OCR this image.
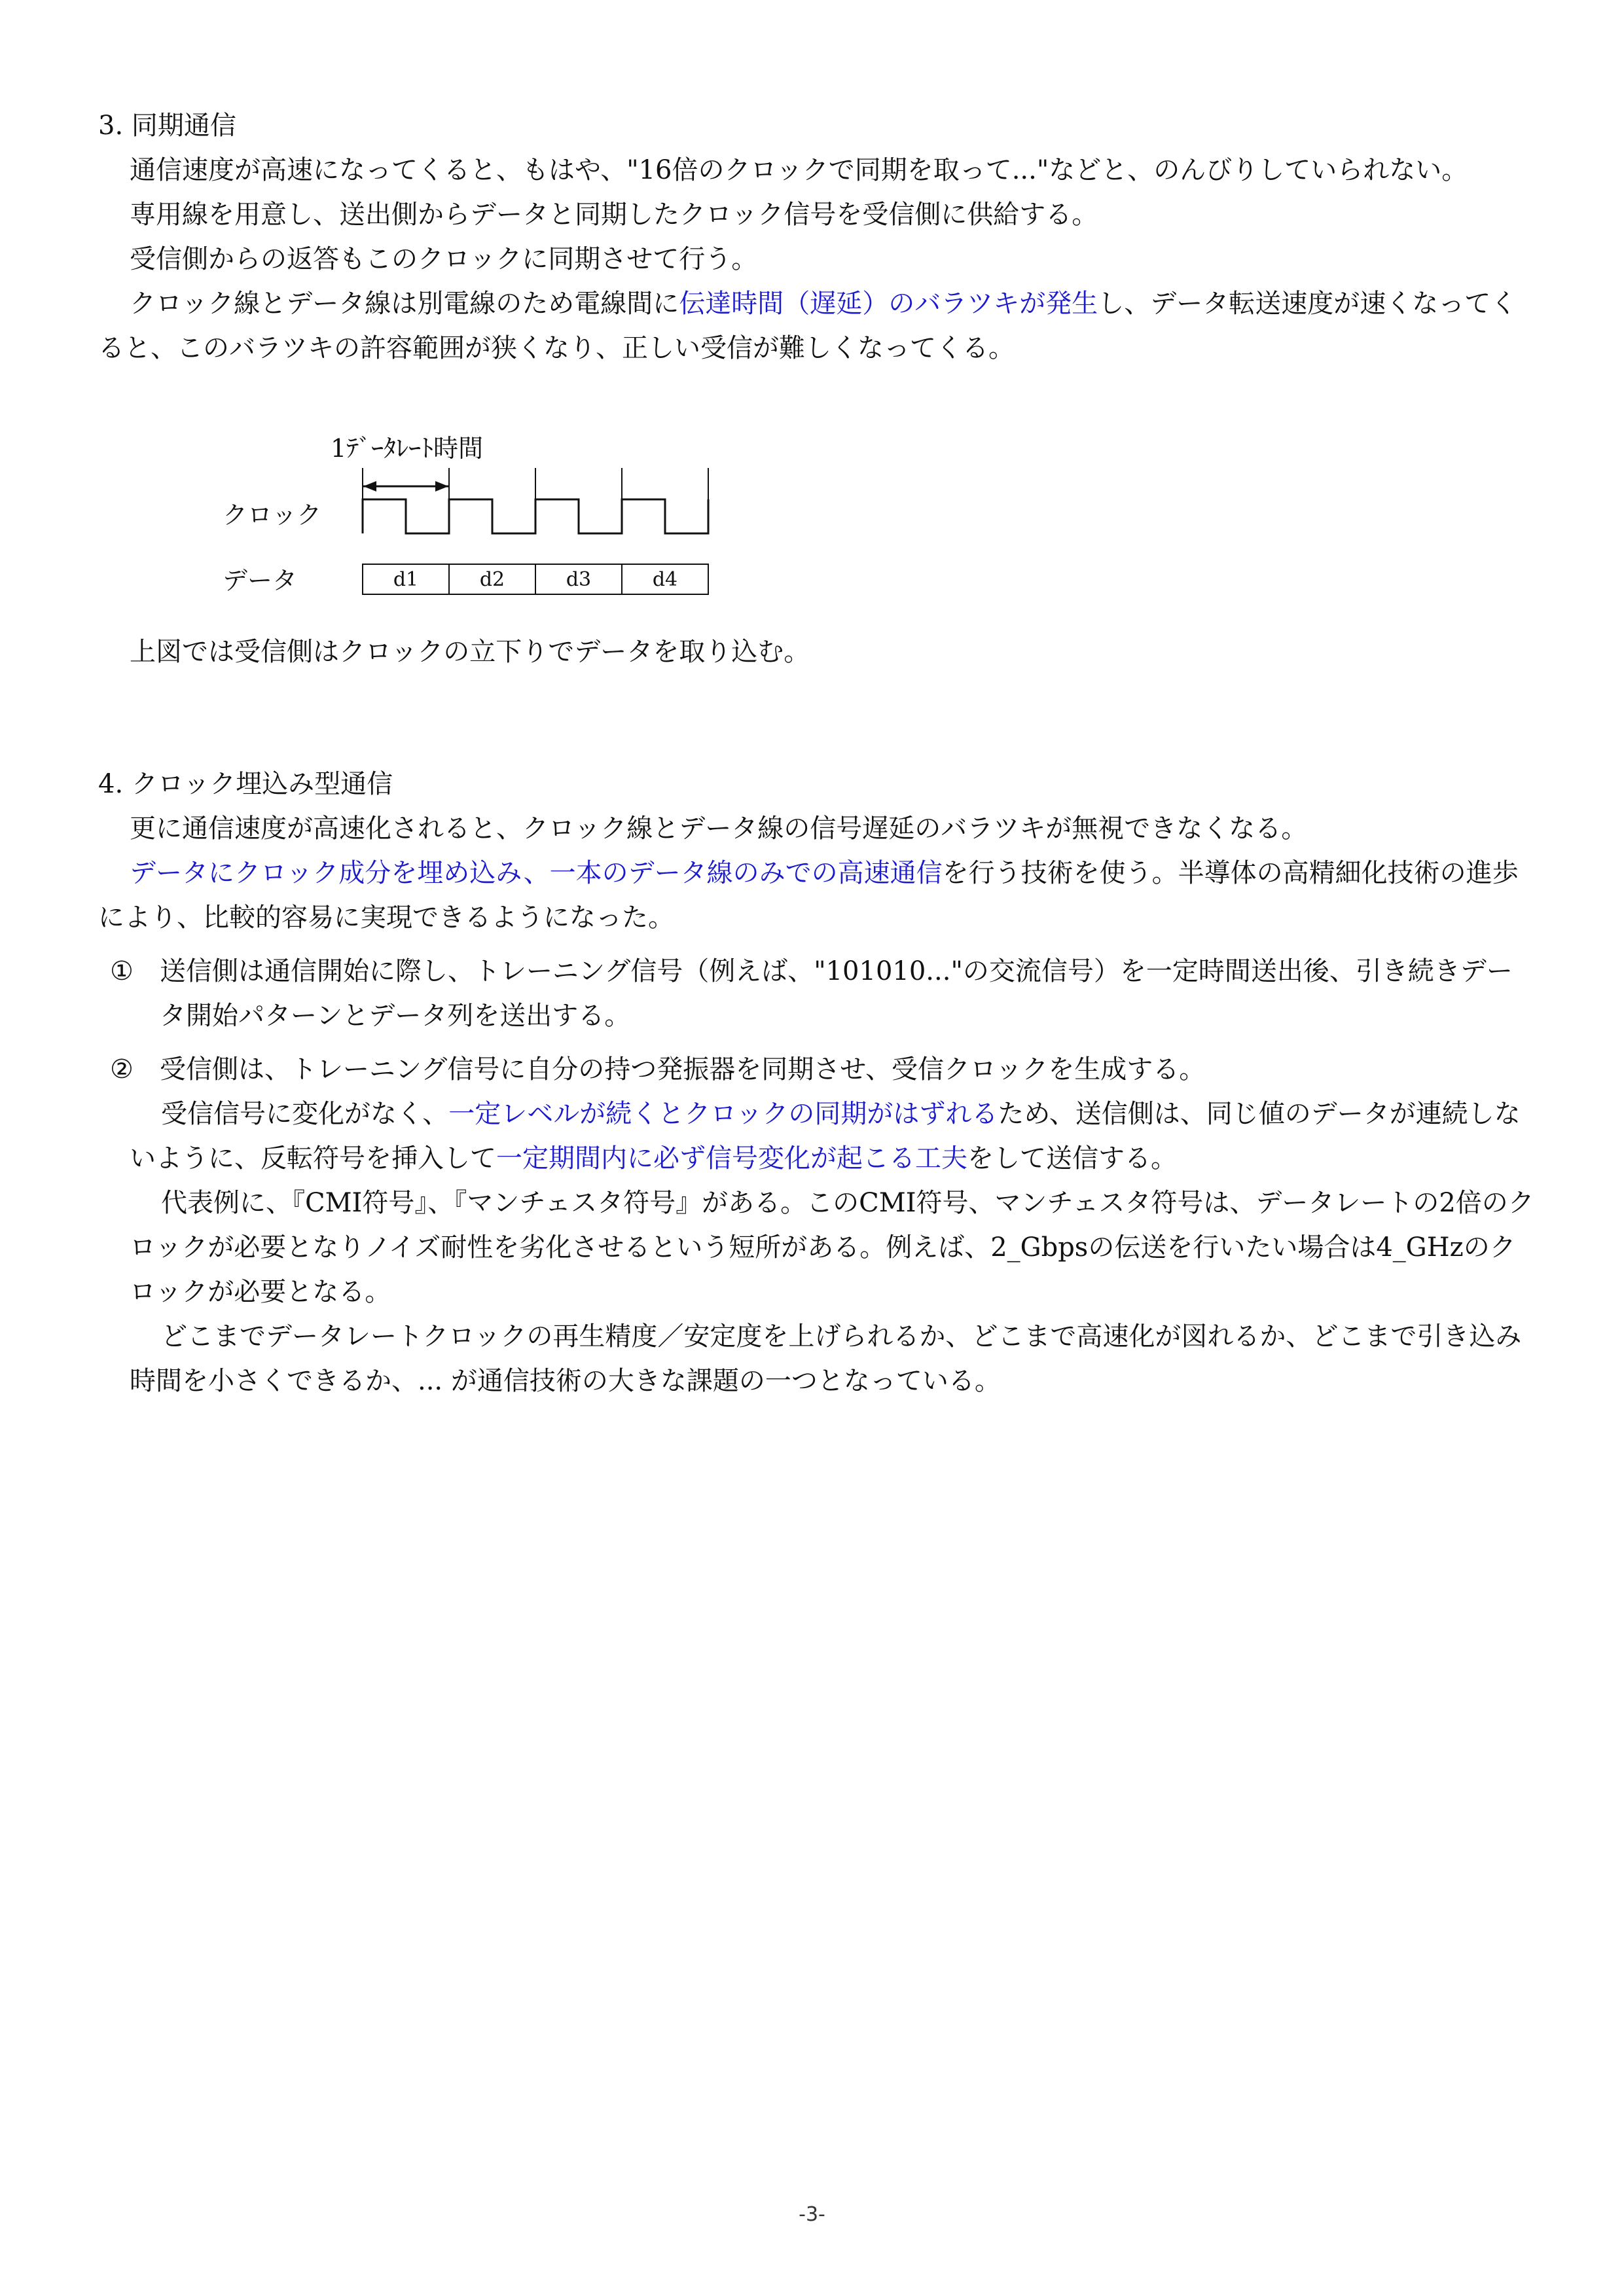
3. 同期通信

通信速度が高速になってくると、もはや、"16倍のクロックで同期を取って..."などと、のんびりしていられない。

専用線を用意し、送出側からデータと同期したクロック信号を受信側に供給する。

受信側からの返答もこのクロックに同期させて行う。

クロック線とデータ線は別電線のため電線間に伝達時間（遅延）のバラツキが発生し、データ転送速度が速くなってくると、このバラツキの許容範囲が狭くなり、正しい受信が難しくなってくる。

1ﾃﾞｰﾀﾚｰﾄ時間
クロック
データ	d1	d2	d3	d4

上図では受信側はクロックの立下りでデータを取り込む。

4. クロック埋込み型通信

更に通信速度が高速化されると、クロック線とデータ線の信号遅延のバラツキが無視できなくなる。

データにクロック成分を埋め込み、一本のデータ線のみでの高速通信を行う技術を使う。半導体の高精細化技術の進歩により、比較的容易に実現できるようになった。

①	送信側は通信開始に際し、トレーニング信号（例えば、"101010..."の交流信号）を一定時間送出後、引き続きデータ開始パターンとデータ列を送出する。
②	受信側は、トレーニング信号に自分の持つ発振器を同期させ、受信クロックを生成する。

受信信号に変化がなく、一定レベルが続くとクロックの同期がはずれるため、送信側は、同じ値のデータが連続しないように、反転符号を挿入して一定期間内に必ず信号変化が起こる工夫をして送信する。

代表例に、『CMI符号』、『マンチェスタ符号』がある。このCMI符号、マンチェスタ符号は、データレートの2倍のクロックが必要となりノイズ耐性を劣化させるという短所がある。例えば、2_Gbpsの伝送を行いたい場合は4_GHzのクロックが必要となる。

どこまでデータレートクロックの再生精度／安定度を上げられるか、どこまで高速化が図れるか、どこまで引き込み時間を小さくできるか、... が通信技術の大きな課題の一つとなっている。

-3-
